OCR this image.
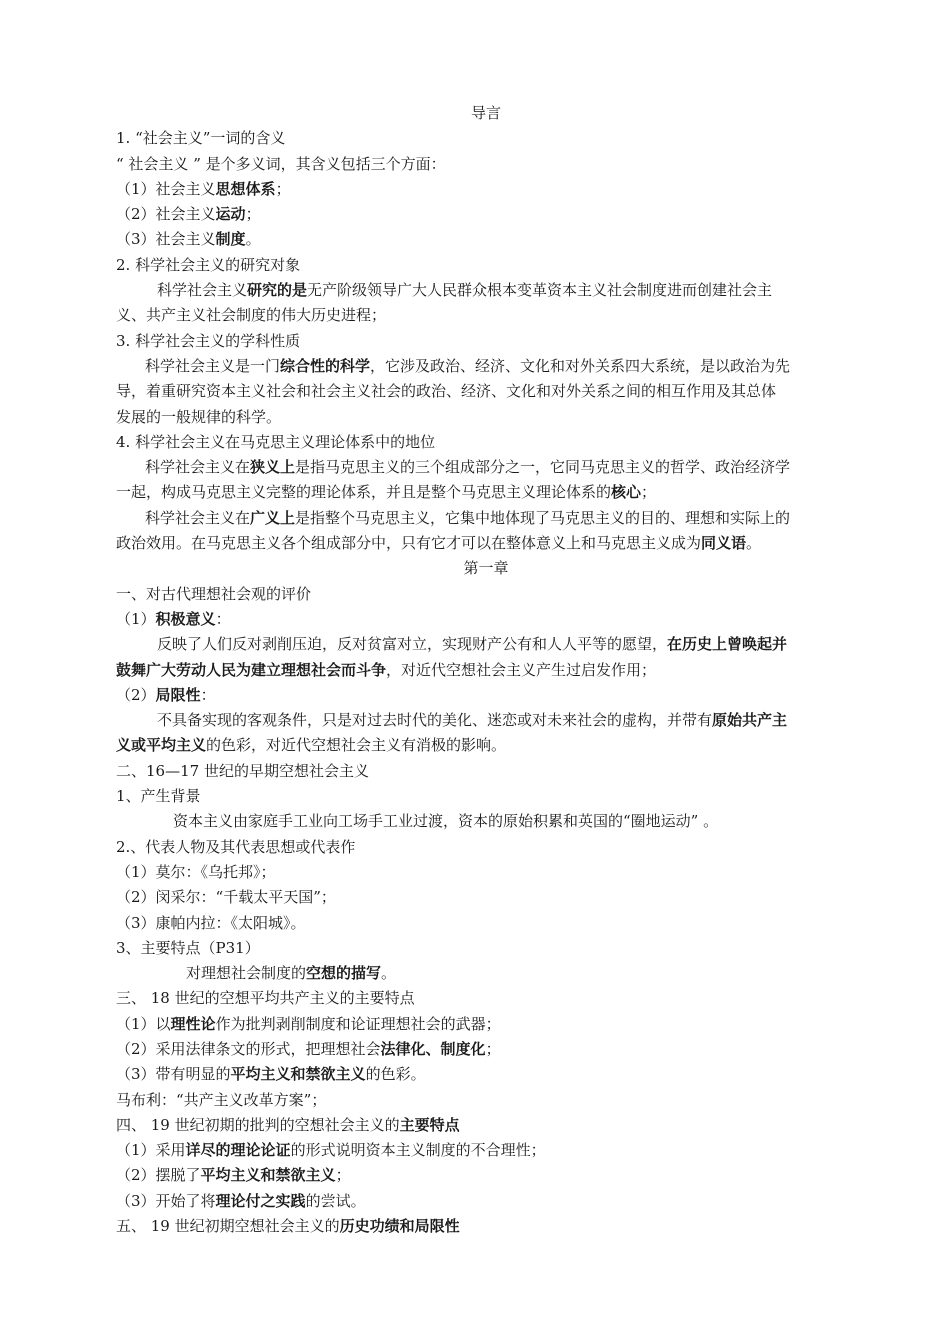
导言
1. “社会主义”一词的含义
“ 社会主义 ” 是个多义词，其含义包括三个方面：
（1）社会主义思想体系；
（2）社会主义运动；
（3）社会主义制度。
2. 科学社会主义的研究对象
科学社会主义研究的是无产阶级领导广大人民群众根本变革资本主义社会制度进而创建社会主
义、共产主义社会制度的伟大历史进程；
3. 科学社会主义的学科性质
科学社会主义是一门综合性的科学，它涉及政治、经济、文化和对外关系四大系统，是以政治为先
导，着重研究资本主义社会和社会主义社会的政治、经济、文化和对外关系之间的相互作用及其总体
发展的一般规律的科学。
4. 科学社会主义在马克思主义理论体系中的地位
科学社会主义在狭义上是指马克思主义的三个组成部分之一，它同马克思主义的哲学、政治经济学
一起，构成马克思主义完整的理论体系，并且是整个马克思主义理论体系的核心；
科学社会主义在广义上是指整个马克思主义，它集中地体现了马克思主义的目的、理想和实际上的
政治效用。在马克思主义各个组成部分中，只有它才可以在整体意义上和马克思主义成为同义语。
第一章
一、对古代理想社会观的评价
（1）积极意义：
反映了人们反对剥削压迫，反对贫富对立，实现财产公有和人人平等的愿望，在历史上曾唤起并
鼓舞广大劳动人民为建立理想社会而斗争，对近代空想社会主义产生过启发作用；
（2）局限性：
不具备实现的客观条件，只是对过去时代的美化、迷恋或对未来社会的虚构，并带有原始共产主
义或平均主义的色彩，对近代空想社会主义有消极的影响。
二、16—17 世纪的早期空想社会主义
1、产生背景
资本主义由家庭手工业向工场手工业过渡，资本的原始积累和英国的“圈地运动” 。
2.、代表人物及其代表思想或代表作
（1）莫尔：《乌托邦》；
（2）闵采尔：“千载太平天国”；
（3）康帕内拉：《太阳城》。
3、主要特点（P31）
对理想社会制度的空想的描写。
三、 18 世纪的空想平均共产主义的主要特点
（1）以理性论作为批判剥削制度和论证理想社会的武器；
（2）采用法律条文的形式，把理想社会法律化、制度化；
（3）带有明显的平均主义和禁欲主义的色彩。
马布利：“共产主义改革方案”；
四、 19 世纪初期的批判的空想社会主义的主要特点
（1）采用详尽的理论论证的形式说明资本主义制度的不合理性；
（2）摆脱了平均主义和禁欲主义；
（3）开始了将理论付之实践的尝试。
五、 19 世纪初期空想社会主义的历史功绩和局限性
